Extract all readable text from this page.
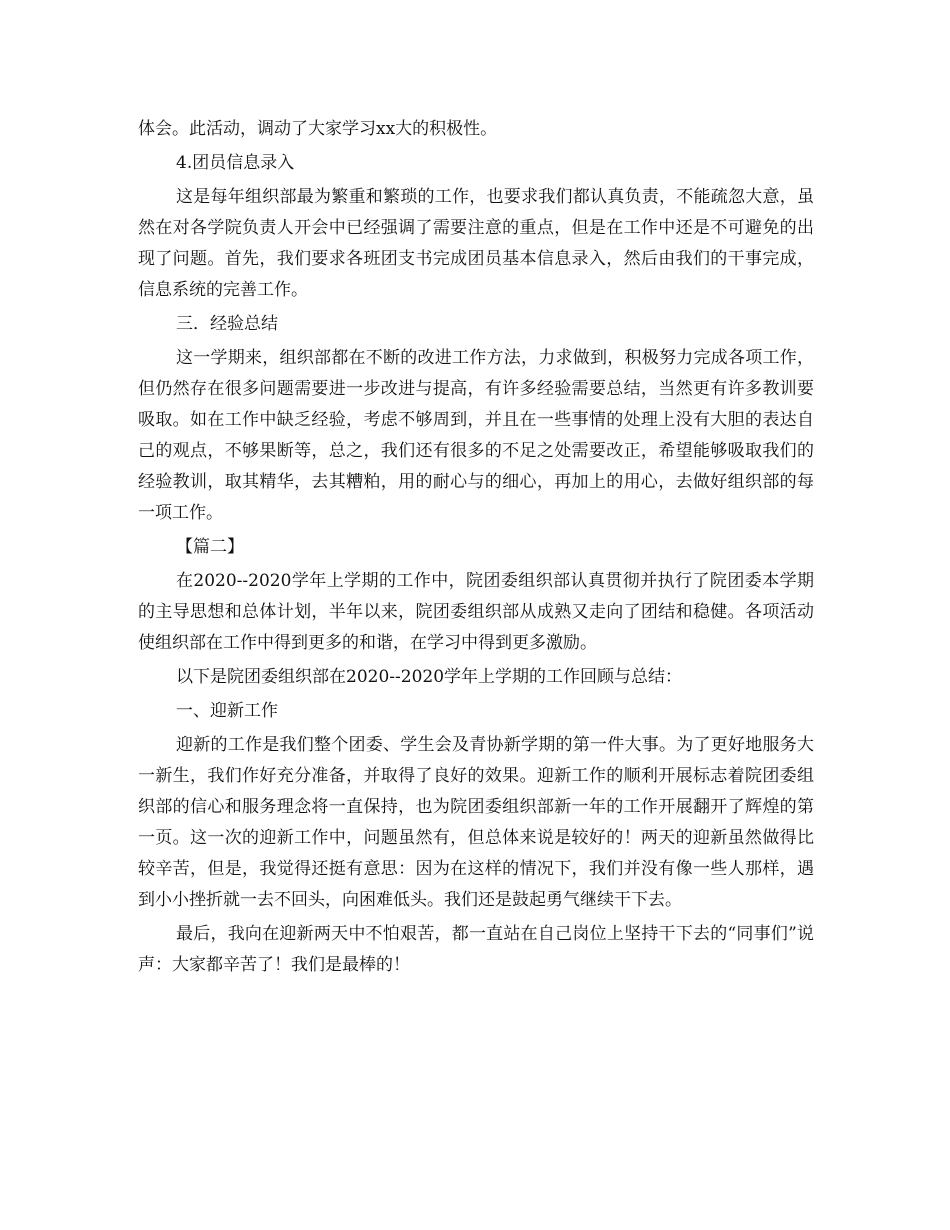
体会。此活动，调动了大家学习xx大的积极性。

4.团员信息录入

这是每年组织部最为繁重和繁琐的工作，也要求我们都认真负责，不能疏忽大意，虽然在对各学院负责人开会中已经强调了需要注意的重点，但是在工作中还是不可避免的出现了问题。首先，我们要求各班团支书完成团员基本信息录入，然后由我们的干事完成，信息系统的完善工作。

三．经验总结

这一学期来，组织部都在不断的改进工作方法，力求做到，积极努力完成各项工作，但仍然存在很多问题需要进一步改进与提高，有许多经验需要总结，当然更有许多教训要吸取。如在工作中缺乏经验，考虑不够周到，并且在一些事情的处理上没有大胆的表达自己的观点，不够果断等，总之，我们还有很多的不足之处需要改正，希望能够吸取我们的经验教训，取其精华，去其糟粕，用的耐心与的细心，再加上的用心，去做好组织部的每一项工作。

【篇二】

在2020--2020学年上学期的工作中，院团委组织部认真贯彻并执行了院团委本学期的主导思想和总体计划，半年以来，院团委组织部从成熟又走向了团结和稳健。各项活动使组织部在工作中得到更多的和谐，在学习中得到更多激励。

以下是院团委组织部在2020--2020学年上学期的工作回顾与总结：

一、迎新工作

迎新的工作是我们整个团委、学生会及青协新学期的第一件大事。为了更好地服务大一新生，我们作好充分准备，并取得了良好的效果。迎新工作的顺利开展标志着院团委组织部的信心和服务理念将一直保持，也为院团委组织部新一年的工作开展翻开了辉煌的第一页。这一次的迎新工作中，问题虽然有，但总体来说是较好的！两天的迎新虽然做得比较辛苦，但是，我觉得还挺有意思：因为在这样的情况下，我们并没有像一些人那样，遇到小小挫折就一去不回头，向困难低头。我们还是鼓起勇气继续干下去。

最后，我向在迎新两天中不怕艰苦，都一直站在自己岗位上坚持干下去的“同事们”说声：大家都辛苦了！我们是最棒的！
